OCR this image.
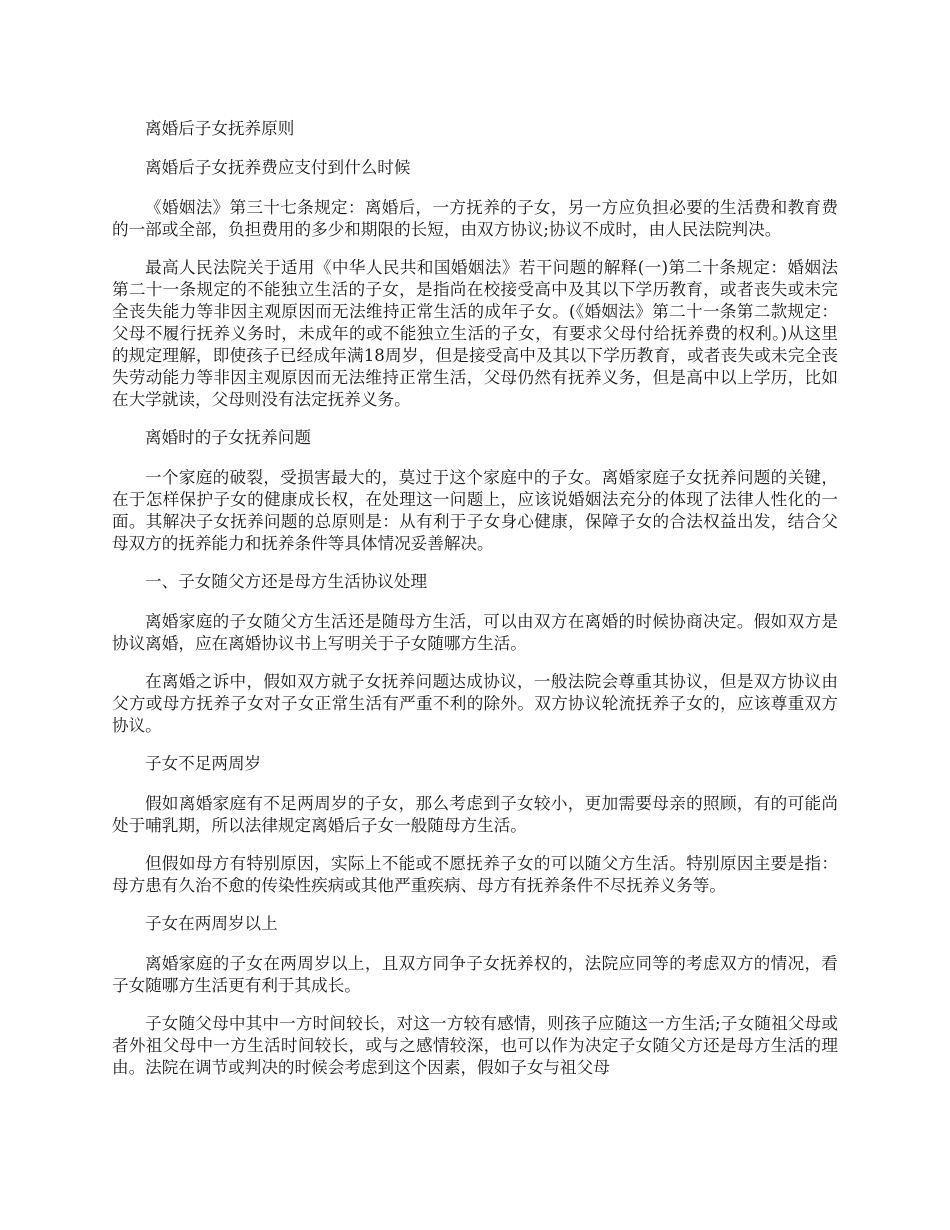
离婚后子女抚养原则

离婚后子女抚养费应支付到什么时候

《婚姻法》第三十七条规定：离婚后，一方抚养的子女，另一方应负担必要的生活费和教育费的一部或全部，负担费用的多少和期限的长短，由双方协议;协议不成时，由人民法院判决。

最高人民法院关于适用《中华人民共和国婚姻法》若干问题的解释(一)第二十条规定：婚姻法第二十一条规定的不能独立生活的子女，是指尚在校接受高中及其以下学历教育，或者丧失或未完全丧失能力等非因主观原因而无法维持正常生活的成年子女。(《婚姻法》第二十一条第二款规定：父母不履行抚养义务时，未成年的或不能独立生活的子女，有要求父母付给抚养费的权利。)从这里的规定理解，即使孩子已经成年满18周岁，但是接受高中及其以下学历教育，或者丧失或未完全丧失劳动能力等非因主观原因而无法维持正常生活，父母仍然有抚养义务，但是高中以上学历，比如在大学就读，父母则没有法定抚养义务。

离婚时的子女抚养问题

一个家庭的破裂，受损害最大的，莫过于这个家庭中的子女。离婚家庭子女抚养问题的关键，在于怎样保护子女的健康成长权，在处理这一问题上，应该说婚姻法充分的体现了法律人性化的一面。其解决子女抚养问题的总原则是：从有利于子女身心健康，保障子女的合法权益出发，结合父母双方的抚养能力和抚养条件等具体情况妥善解决。

一、子女随父方还是母方生活协议处理

离婚家庭的子女随父方生活还是随母方生活，可以由双方在离婚的时候协商决定。假如双方是协议离婚，应在离婚协议书上写明关于子女随哪方生活。

在离婚之诉中，假如双方就子女抚养问题达成协议，一般法院会尊重其协议，但是双方协议由父方或母方抚养子女对子女正常生活有严重不利的除外。双方协议轮流抚养子女的，应该尊重双方协议。

子女不足两周岁

假如离婚家庭有不足两周岁的子女，那么考虑到子女较小，更加需要母亲的照顾，有的可能尚处于哺乳期，所以法律规定离婚后子女一般随母方生活。

但假如母方有特别原因，实际上不能或不愿抚养子女的可以随父方生活。特别原因主要是指：母方患有久治不愈的传染性疾病或其他严重疾病、母方有抚养条件不尽抚养义务等。

子女在两周岁以上

离婚家庭的子女在两周岁以上，且双方同争子女抚养权的，法院应同等的考虑双方的情况，看子女随哪方生活更有利于其成长。

子女随父母中其中一方时间较长，对这一方较有感情，则孩子应随这一方生活;子女随祖父母或者外祖父母中一方生活时间较长，或与之感情较深，也可以作为决定子女随父方还是母方生活的理由。法院在调节或判决的时候会考虑到这个因素，假如子女与祖父母
